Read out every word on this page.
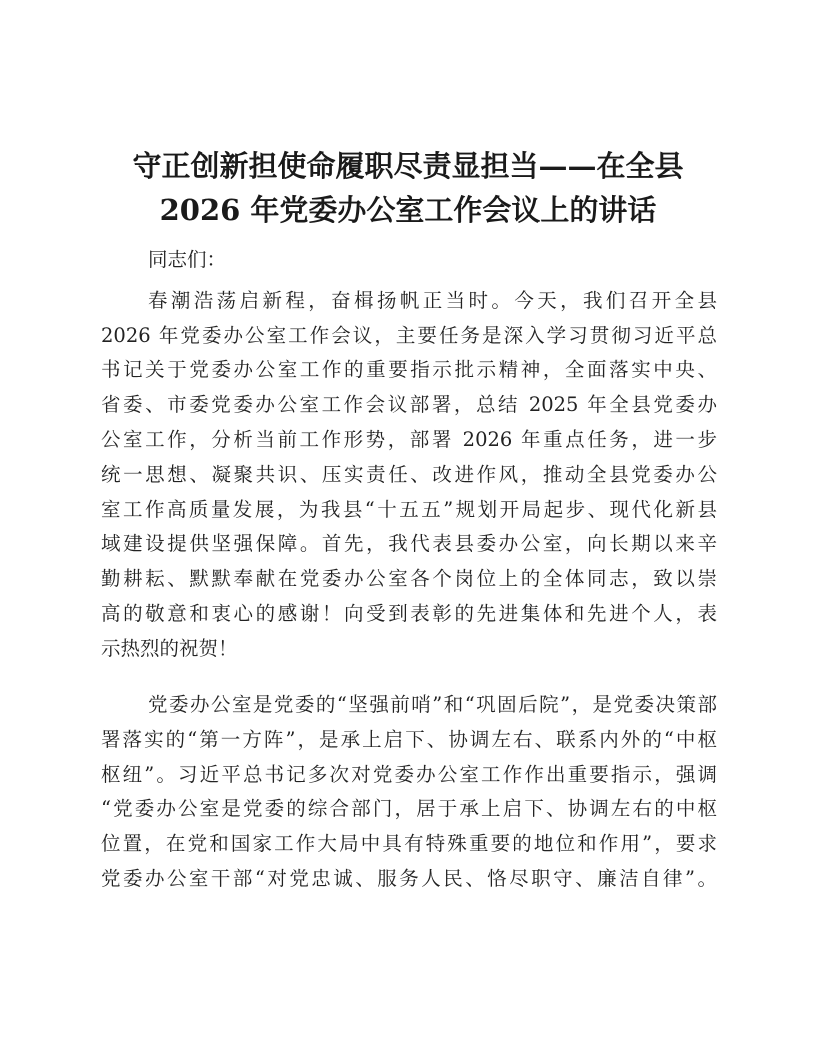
守正创新担使命履职尽责显担当——在全县
2026 年党委办公室工作会议上的讲话

同志们：

春潮浩荡启新程，奋楫扬帆正当时。今天，我们召开全县

2026 年党委办公室工作会议，主要任务是深入学习贯彻习近平总

书记关于党委办公室工作的重要指示批示精神，全面落实中央、

省委、市委党委办公室工作会议部署，总结 2025 年全县党委办

公室工作，分析当前工作形势，部署 2026 年重点任务，进一步

统一思想、凝聚共识、压实责任、改进作风，推动全县党委办公

室工作高质量发展，为我县“十五五”规划开局起步、现代化新县

域建设提供坚强保障。首先，我代表县委办公室，向长期以来辛

勤耕耘、默默奉献在党委办公室各个岗位上的全体同志，致以崇

高的敬意和衷心的感谢！向受到表彰的先进集体和先进个人，表

示热烈的祝贺！

党委办公室是党委的“坚强前哨”和“巩固后院”，是党委决策部

署落实的“第一方阵”，是承上启下、协调左右、联系内外的“中枢

枢纽”。习近平总书记多次对党委办公室工作作出重要指示，强调

“党委办公室是党委的综合部门，居于承上启下、协调左右的中枢

位置，在党和国家工作大局中具有特殊重要的地位和作用”，要求

党委办公室干部“对党忠诚、服务人民、恪尽职守、廉洁自律”。
